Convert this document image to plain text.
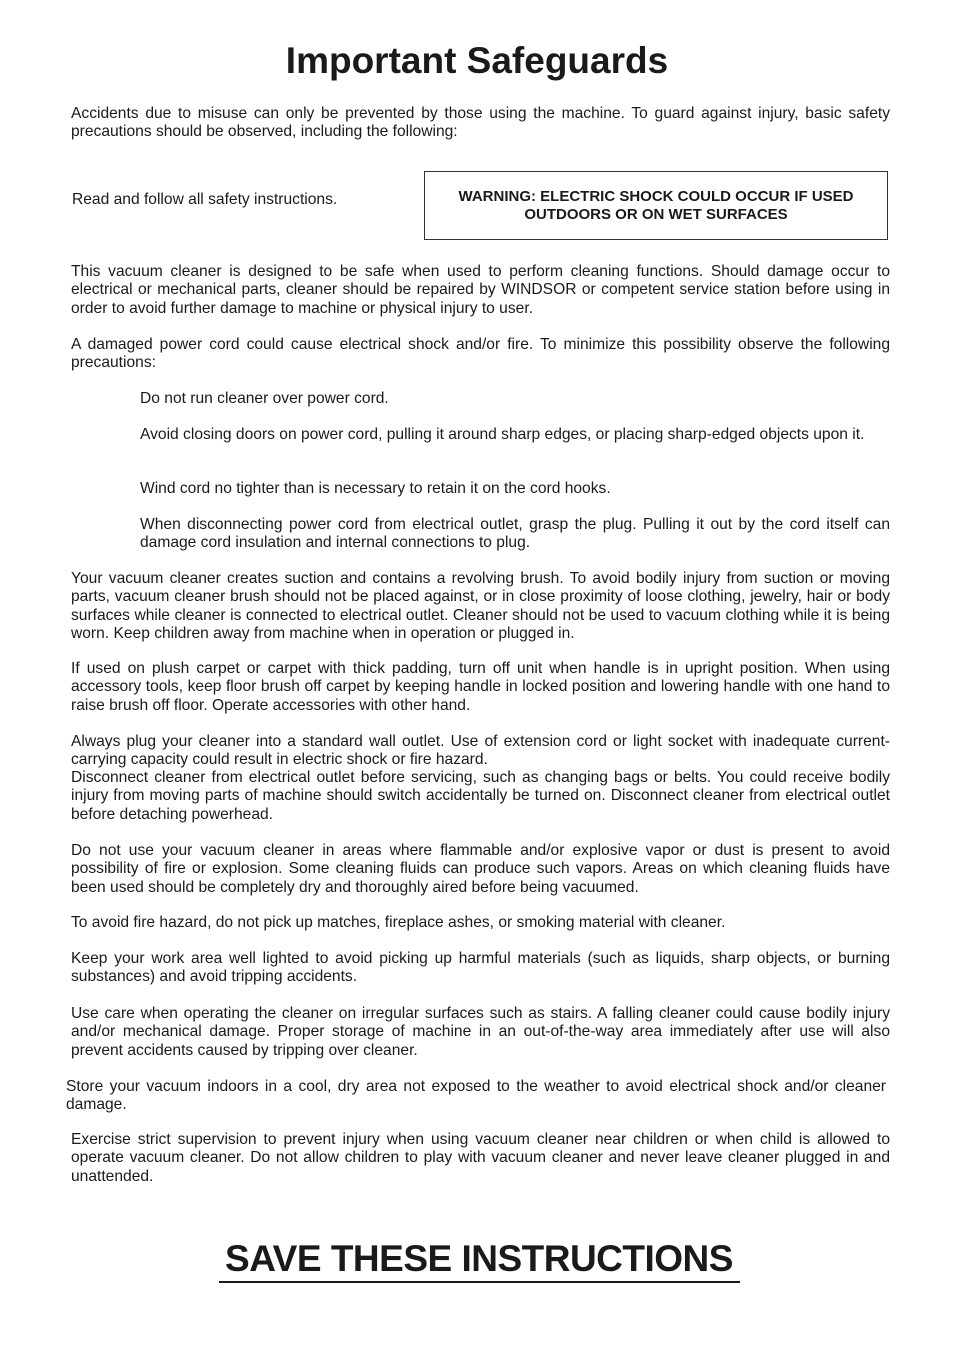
Important Safeguards

Accidents due to misuse can only be prevented by those using the machine. To guard against injury, basic safety precautions should be observed, including the following:

Read and follow all safety instructions.	WARNING: ELECTRIC SHOCK COULD OCCUR IF USED
OUTDOORS OR ON WET SURFACES

This vacuum cleaner is designed to be safe when used to perform cleaning functions. Should damage occur to electrical or mechanical parts, cleaner should be repaired by WINDSOR or competent service station before using in order to avoid further damage to machine or physical injury to user.

A damaged power cord could cause electrical shock and/or fire. To minimize this possibility observe the following precautions:

Do not run cleaner over power cord.

Avoid closing doors on power cord, pulling it around sharp edges, or placing sharp-edged objects upon it.

Wind cord no tighter than is necessary to retain it on the cord hooks.

When disconnecting power cord from electrical outlet, grasp the plug. Pulling it out by the cord itself can damage cord insulation and internal connections to plug.

Your vacuum cleaner creates suction and contains a revolving brush. To avoid bodily injury from suction or moving parts, vacuum cleaner brush should not be placed against, or in close proximity of loose clothing, jewelry, hair or body surfaces while cleaner is connected to electrical outlet. Cleaner should not be used to vacuum clothing while it is being worn. Keep children away from machine when in operation or plugged in.

If used on plush carpet or carpet with thick padding, turn off unit when handle is in upright position. When using accessory tools, keep floor brush off carpet by keeping handle in locked position and lowering handle with one hand to raise brush off floor. Operate accessories with other hand.

Always plug your cleaner into a standard wall outlet. Use of extension cord or light socket with inadequate current-carrying capacity could result in electric shock or fire hazard.

Disconnect cleaner from electrical outlet before servicing, such as changing bags or belts. You could receive bodily injury from moving parts of machine should switch accidentally be turned on. Disconnect cleaner from electrical outlet before detaching powerhead.

Do not use your vacuum cleaner in areas where flammable and/or explosive vapor or dust is present to avoid possibility of fire or explosion. Some cleaning fluids can produce such vapors. Areas on which cleaning fluids have been used should be completely dry and thoroughly aired before being vacuumed.

To avoid fire hazard, do not pick up matches, fireplace ashes, or smoking material with cleaner.

Keep your work area well lighted to avoid picking up harmful materials (such as liquids, sharp objects, or burning substances) and avoid tripping accidents.

Use care when operating the cleaner on irregular surfaces such as stairs. A falling cleaner could cause bodily injury and/or mechanical damage. Proper storage of machine in an out-of-the-way area immediately after use will also prevent accidents caused by tripping over cleaner.

Store your vacuum indoors in a cool, dry area not exposed to the weather to avoid electrical shock and/or cleaner damage.

Exercise strict supervision to prevent injury when using vacuum cleaner near children or when child is allowed to operate vacuum cleaner. Do not allow children to play with vacuum cleaner and never leave cleaner plugged in and unattended.

SAVE THESE INSTRUCTIONS
